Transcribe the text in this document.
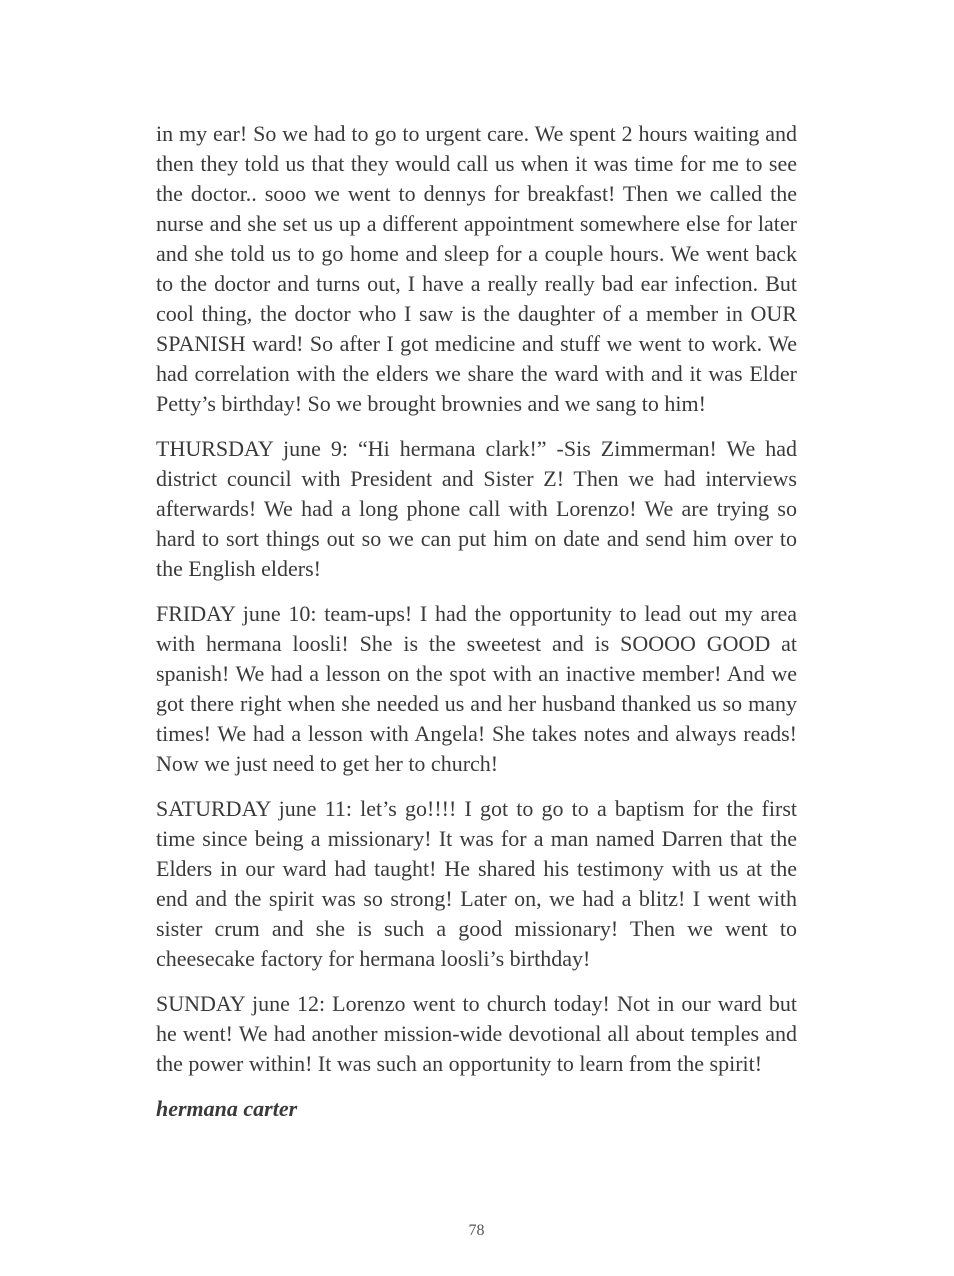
in my ear! So we had to go to urgent care. We spent 2 hours waiting and then they told us that they would call us when it was time for me to see the doctor.. sooo we went to dennys for breakfast! Then we called the nurse and she set us up a different appointment somewhere else for later and she told us to go home and sleep for a couple hours. We went back to the doctor and turns out, I have a really really bad ear infection. But cool thing, the doctor who I saw is the daughter of a member in OUR SPANISH ward! So after I got medicine and stuff we went to work. We had correlation with the elders we share the ward with and it was Elder Petty’s birthday! So we brought brownies and we sang to him!

THURSDAY june 9: “Hi hermana clark!” -Sis Zimmerman! We had district council with President and Sister Z! Then we had interviews afterwards! We had a long phone call with Lorenzo! We are trying so hard to sort things out so we can put him on date and send him over to the English elders!

FRIDAY june 10: team-ups! I had the opportunity to lead out my area with hermana loosli! She is the sweetest and is SOOOO GOOD at spanish! We had a lesson on the spot with an inactive member! And we got there right when she needed us and her husband thanked us so many times! We had a lesson with Angela! She takes notes and always reads! Now we just need to get her to church!

SATURDAY june 11: let’s go!!!! I got to go to a baptism for the first time since being a missionary! It was for a man named Darren that the Elders in our ward had taught! He shared his testimony with us at the end and the spirit was so strong! Later on, we had a blitz! I went with sister crum and she is such a good missionary! Then we went to cheesecake factory for hermana loosli’s birthday!

SUNDAY june 12: Lorenzo went to church today! Not in our ward but he went! We had another mission-wide devotional all about temples and the power within! It was such an opportunity to learn from the spirit!

hermana carter

78
